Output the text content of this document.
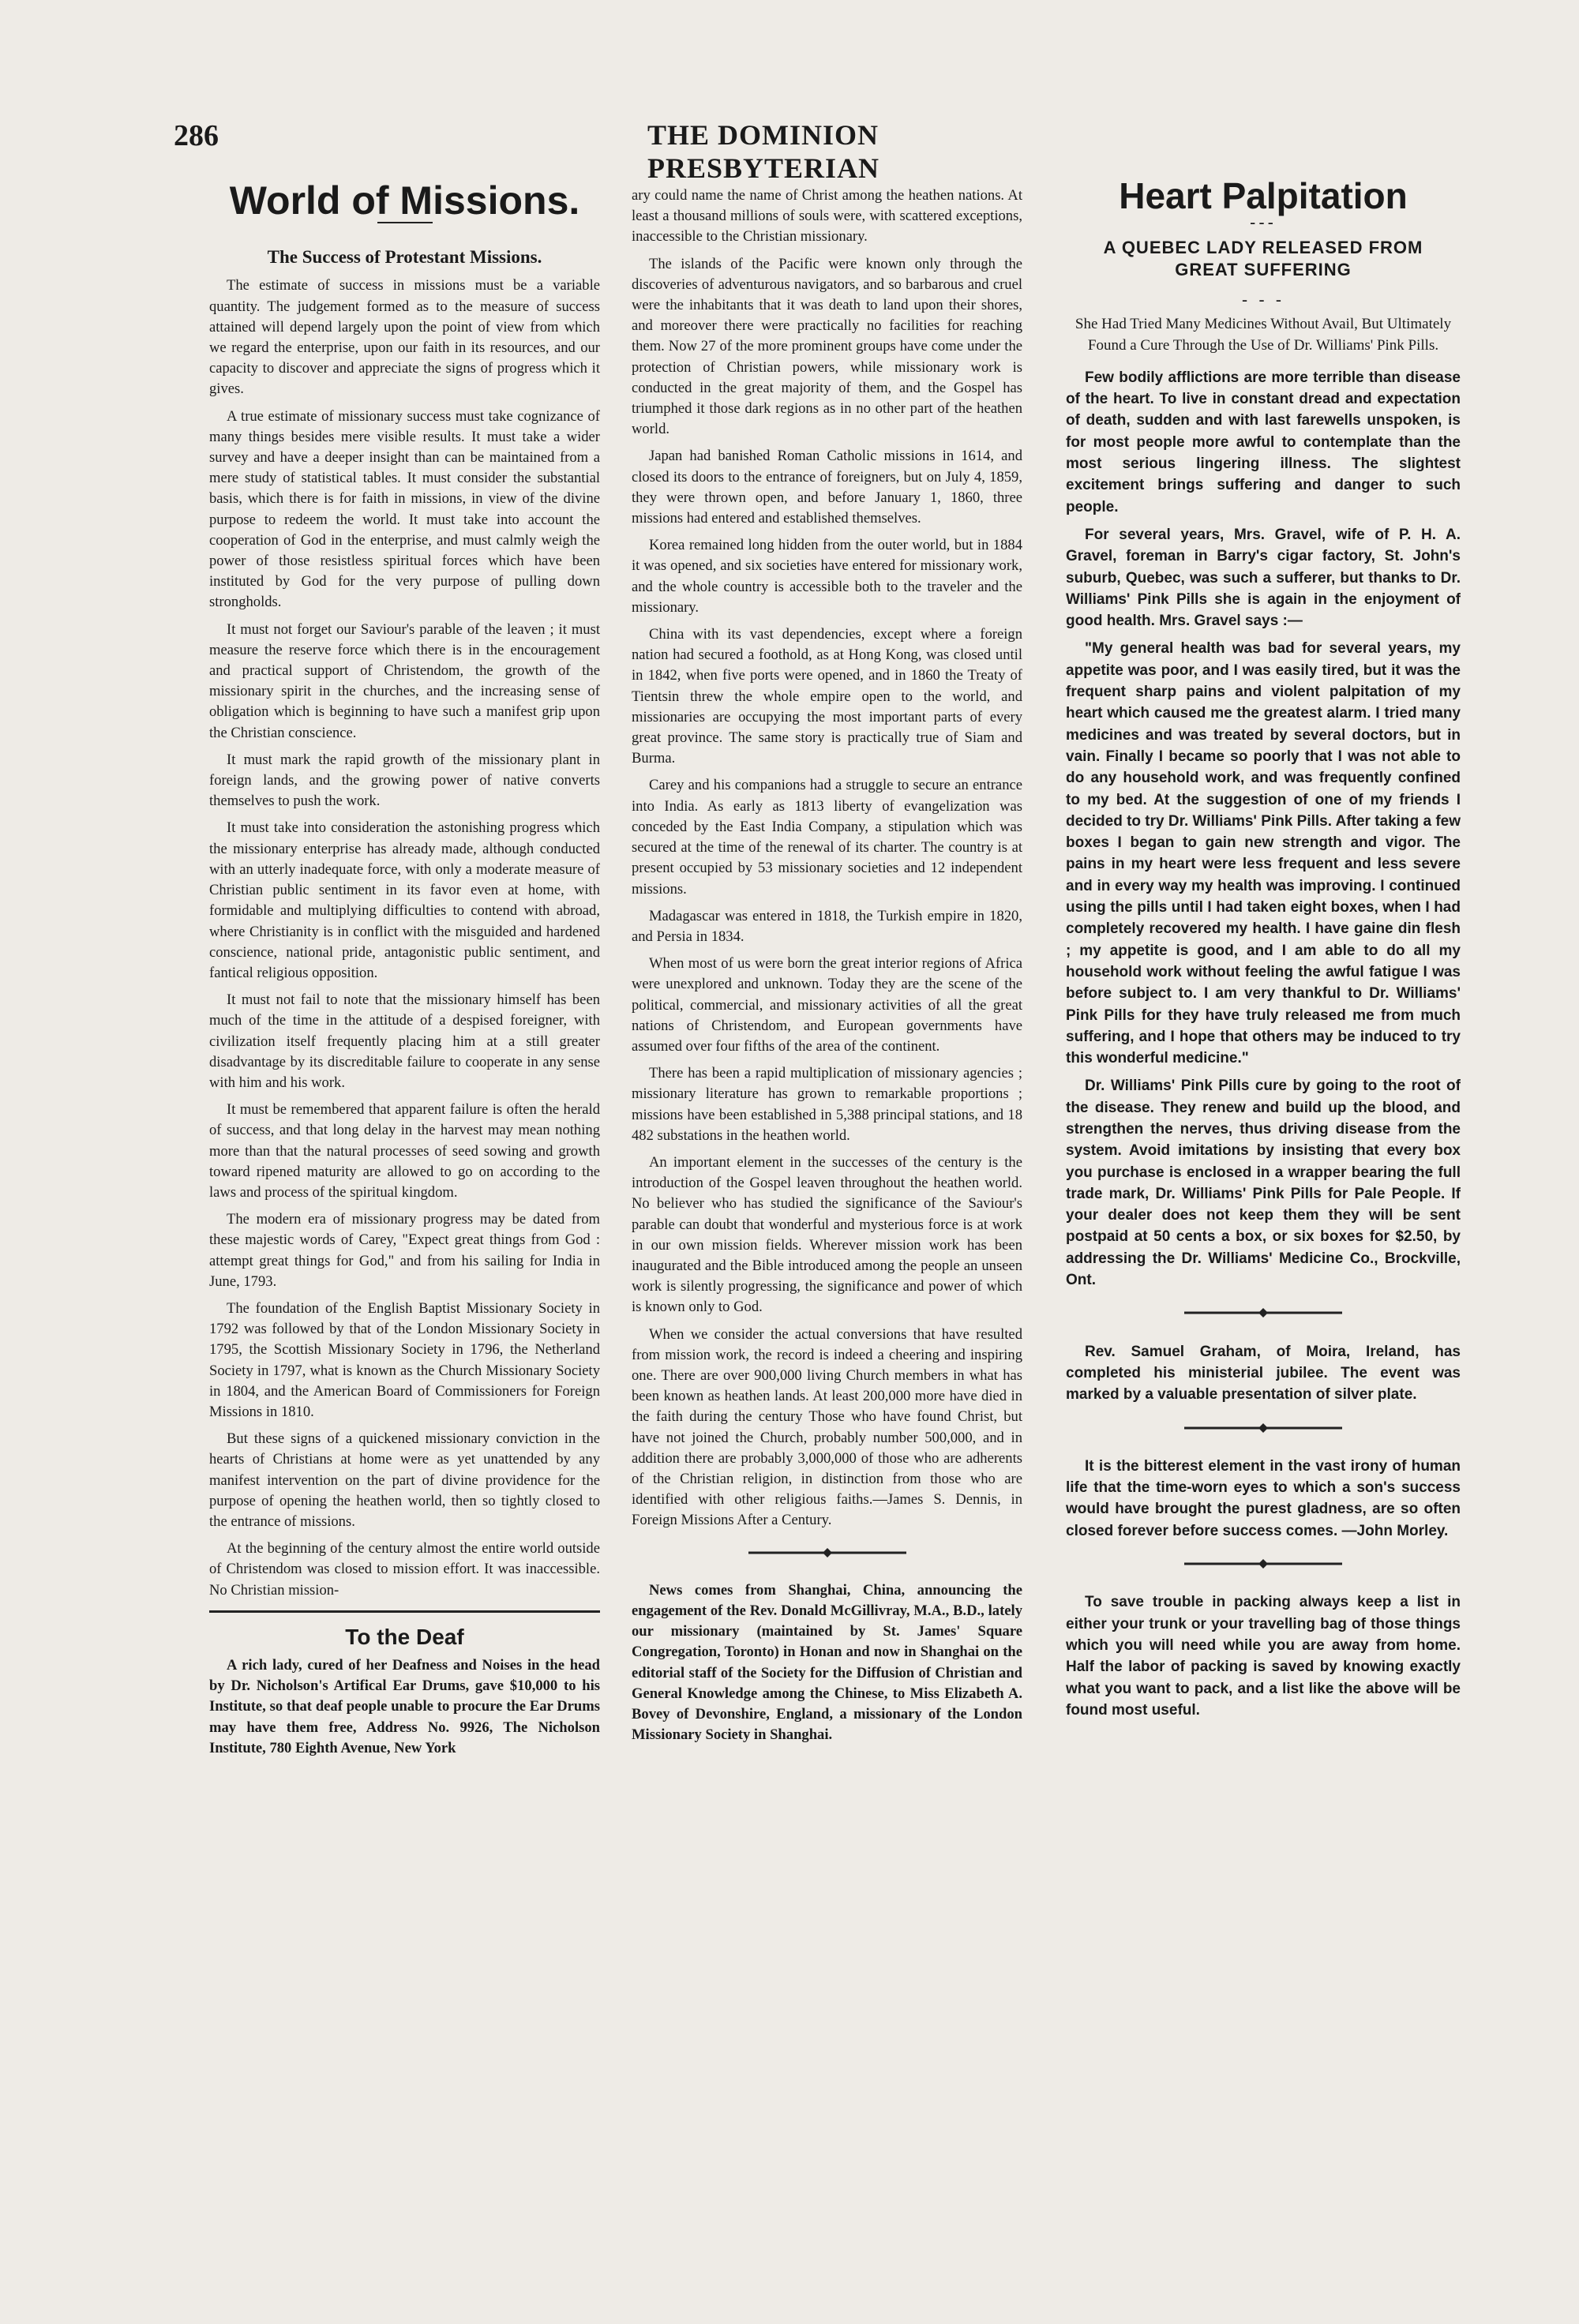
286	THE DOMINION PRESBYTERIAN
World of Missions.
The Success of Protestant Missions.

The estimate of success in missions must be a variable quantity. The judgement formed as to the measure of success attained will depend largely upon the point of view from which we regard the enterprise, upon our faith in its resources, and our capacity to discover and appreciate the signs of progress which it gives.

A true estimate of missionary success must take cognizance of many things besides mere visible results. It must take a wider survey and have a deeper insight than can be maintained from a mere study of statistical tables. It must consider the substantial basis, which there is for faith in missions, in view of the divine purpose to redeem the world. It must take into account the cooperation of God in the enterprise, and must calmly weigh the power of those resistless spiritual forces which have been instituted by God for the very purpose of pulling down strongholds.

It must not forget our Saviour's parable of the leaven ; it must measure the reserve force which there is in the encouragement and practical support of Christendom, the growth of the missionary spirit in the churches, and the increasing sense of obligation which is beginning to have such a manifest grip upon the Christian conscience.

It must mark the rapid growth of the missionary plant in foreign lands, and the growing power of native converts themselves to push the work.

It must take into consideration the astonishing progress which the missionary enterprise has already made, although conducted with an utterly inadequate force, with only a moderate measure of Christian public sentiment in its favor even at home, with formidable and multiplying difficulties to contend with abroad, where Christianity is in conflict with the misguided and hardened conscience, national pride, antagonistic public sentiment, and fantical religious opposition.

It must not fail to note that the missionary himself has been much of the time in the attitude of a despised foreigner, with civilization itself frequently placing him at a still greater disadvantage by its discreditable failure to cooperate in any sense with him and his work.

It must be remembered that apparent failure is often the herald of success, and that long delay in the harvest may mean nothing more than that the natural processes of seed sowing and growth toward ripened maturity are allowed to go on according to the laws and process of the spiritual kingdom.

The modern era of missionary progress may be dated from these majestic words of Carey, "Expect great things from God : attempt great things for God," and from his sailing for India in June, 1793.

The foundation of the English Baptist Missionary Society in 1792 was followed by that of the London Missionary Society in 1795, the Scottish Missionary Society in 1796, the Netherland Society in 1797, what is known as the Church Missionary Society in 1804, and the American Board of Commissioners for Foreign Missions in 1810.

But these signs of a quickened missionary conviction in the hearts of Christians at home were as yet unattended by any manifest intervention on the part of divine providence for the purpose of opening the heathen world, then so tightly closed to the entrance of missions.

At the beginning of the century almost the entire world outside of Christendom was closed to mission effort. It was inaccessible. No Christian mission-

To the Deaf

A rich lady, cured of her Deafness and Noises in the head by Dr. Nicholson's Artifical Ear Drums, gave $10,000 to his Institute, so that deaf people unable to procure the Ear Drums may have them free, Address No. 9926, The Nicholson Institute, 780 Eighth Avenue, New York

ary could name the name of Christ among the heathen nations. At least a thousand millions of souls were, with scattered exceptions, inaccessible to the Christian missionary.

The islands of the Pacific were known only through the discoveries of adventurous navigators, and so barbarous and cruel were the inhabitants that it was death to land upon their shores, and moreover there were practically no facilities for reaching them. Now 27 of the more prominent groups have come under the protection of Christian powers, while missionary work is conducted in the great majority of them, and the Gospel has triumphed it those dark regions as in no other part of the heathen world.

Japan had banished Roman Catholic missions in 1614, and closed its doors to the entrance of foreigners, but on July 4, 1859, they were thrown open, and before January 1, 1860, three missions had entered and established themselves.

Korea remained long hidden from the outer world, but in 1884 it was opened, and six societies have entered for missionary work, and the whole country is accessible both to the traveler and the missionary.

China with its vast dependencies, except where a foreign nation had secured a foothold, as at Hong Kong, was closed until in 1842, when five ports were opened, and in 1860 the Treaty of Tientsin threw the whole empire open to the world, and missionaries are occupying the most important parts of every great province. The same story is practically true of Siam and Burma.

Carey and his companions had a struggle to secure an entrance into India. As early as 1813 liberty of evangelization was conceded by the East India Company, a stipulation which was secured at the time of the renewal of its charter. The country is at present occupied by 53 missionary societies and 12 independent missions.

Madagascar was entered in 1818, the Turkish empire in 1820, and Persia in 1834.

When most of us were born the great interior regions of Africa were unexplored and unknown. Today they are the scene of the political, commercial, and missionary activities of all the great nations of Christendom, and European governments have assumed over four fifths of the area of the continent.

There has been a rapid multiplication of missionary agencies ; missionary literature has grown to remarkable proportions ; missions have been established in 5,388 principal stations, and 18 482 substations in the heathen world.

An important element in the successes of the century is the introduction of the Gospel leaven throughout the heathen world. No believer who has studied the significance of the Saviour's parable can doubt that wonderful and mysterious force is at work in our own mission fields. Wherever mission work has been inaugurated and the Bible introduced among the people an unseen work is silently progressing, the significance and power of which is known only to God.

When we consider the actual conversions that have resulted from mission work, the record is indeed a cheering and inspiring one. There are over 900,000 living Church members in what has been known as heathen lands. At least 200,000 more have died in the faith during the century Those who have found Christ, but have not joined the Church, probably number 500,000, and in addition there are probably 3,000,000 of those who are adherents of the Christian religion, in distinction from those who are identified with other religious faiths.—James S. Dennis, in Foreign Missions After a Century.

News comes from Shanghai, China, announcing the engagement of the Rev. Donald McGillivray, M.A., B.D., lately our missionary (maintained by St. James' Square Congregation, Toronto) in Honan and now in Shanghai on the editorial staff of the Society for the Diffusion of Christian and General Knowledge among the Chinese, to Miss Elizabeth A. Bovey of Devonshire, England, a missionary of the London Missionary Society in Shanghai.

Heart Palpitation
---
A QUEBEC LADY RELEASED FROM
GREAT SUFFERING
- - -
She Had Tried Many Medicines Without Avail, But Ultimately Found a Cure Through the Use of Dr. Williams' Pink Pills.

Few bodily afflictions are more terrible than disease of the heart. To live in constant dread and expectation of death, sudden and with last farewells unspoken, is for most people more awful to contemplate than the most serious lingering illness. The slightest excitement brings suffering and danger to such people.

For several years, Mrs. Gravel, wife of P. H. A. Gravel, foreman in Barry's cigar factory, St. John's suburb, Quebec, was such a sufferer, but thanks to Dr. Williams' Pink Pills she is again in the enjoyment of good health. Mrs. Gravel says :—

"My general health was bad for several years, my appetite was poor, and I was easily tired, but it was the frequent sharp pains and violent palpitation of my heart which caused me the greatest alarm. I tried many medicines and was treated by several doctors, but in vain. Finally I became so poorly that I was not able to do any household work, and was frequently confined to my bed. At the suggestion of one of my friends I decided to try Dr. Williams' Pink Pills. After taking a few boxes I began to gain new strength and vigor. The pains in my heart were less frequent and less severe and in every way my health was improving. I continued using the pills until I had taken eight boxes, when I had completely recovered my health. I have gaine din flesh ; my appetite is good, and I am able to do all my household work without feeling the awful fatigue I was before subject to. I am very thankful to Dr. Williams' Pink Pills for they have truly released me from much suffering, and I hope that others may be induced to try this wonderful medicine."

Dr. Williams' Pink Pills cure by going to the root of the disease. They renew and build up the blood, and strengthen the nerves, thus driving disease from the system. Avoid imitations by insisting that every box you purchase is enclosed in a wrapper bearing the full trade mark, Dr. Williams' Pink Pills for Pale People. If your dealer does not keep them they will be sent postpaid at 50 cents a box, or six boxes for $2.50, by addressing the Dr. Williams' Medicine Co., Brockville, Ont.

Rev. Samuel Graham, of Moira, Ireland, has completed his ministerial jubilee. The event was marked by a valuable presentation of silver plate.

It is the bitterest element in the vast irony of human life that the time-worn eyes to which a son's success would have brought the purest gladness, are so often closed forever before success comes. —John Morley.

To save trouble in packing always keep a list in either your trunk or your travelling bag of those things which you will need while you are away from home. Half the labor of packing is saved by knowing exactly what you want to pack, and a list like the above will be found most useful.
